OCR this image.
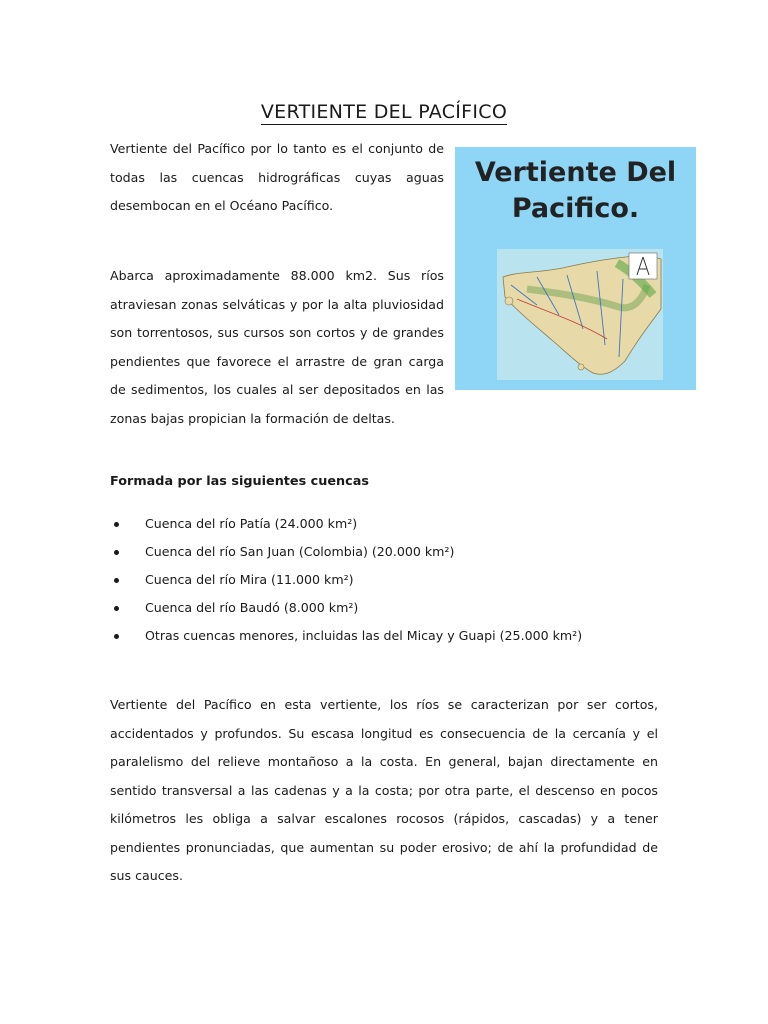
VERTIENTE DEL PACÍFICO

Vertiente del Pacífico por lo tanto es el conjunto de todas las cuencas hidrográficas cuyas aguas desembocan en el Océano Pacífico.

Abarca aproximadamente 88.000 km2. Sus ríos atraviesan zonas selváticas y por la alta pluviosidad son torrentosos, sus cursos son cortos y de grandes pendientes que favorece el arrastre de gran carga de sedimentos, los cuales al ser depositados en las zonas bajas propician la formación de deltas.

Vertiente Del
Pacifico.
Formada por las siguientes cuencas
Cuenca del río Patía (24.000 km²)
Cuenca del río San Juan (Colombia) (20.000 km²)
Cuenca del río Mira (11.000 km²)
Cuenca del río Baudó (8.000 km²)
Otras cuencas menores, incluidas las del Micay y Guapi (25.000 km²)

Vertiente del Pacífico en esta vertiente, los ríos se caracterizan por ser cortos, accidentados y profundos. Su escasa longitud es consecuencia de la cercanía y el paralelismo del relieve montañoso a la costa. En general, bajan directamente en sentido transversal a las cadenas y a la costa; por otra parte, el descenso en pocos kilómetros les obliga a salvar escalones rocosos (rápidos, cascadas) y a tener pendientes pronunciadas, que aumentan su poder erosivo; de ahí la profundidad de sus cauces.
